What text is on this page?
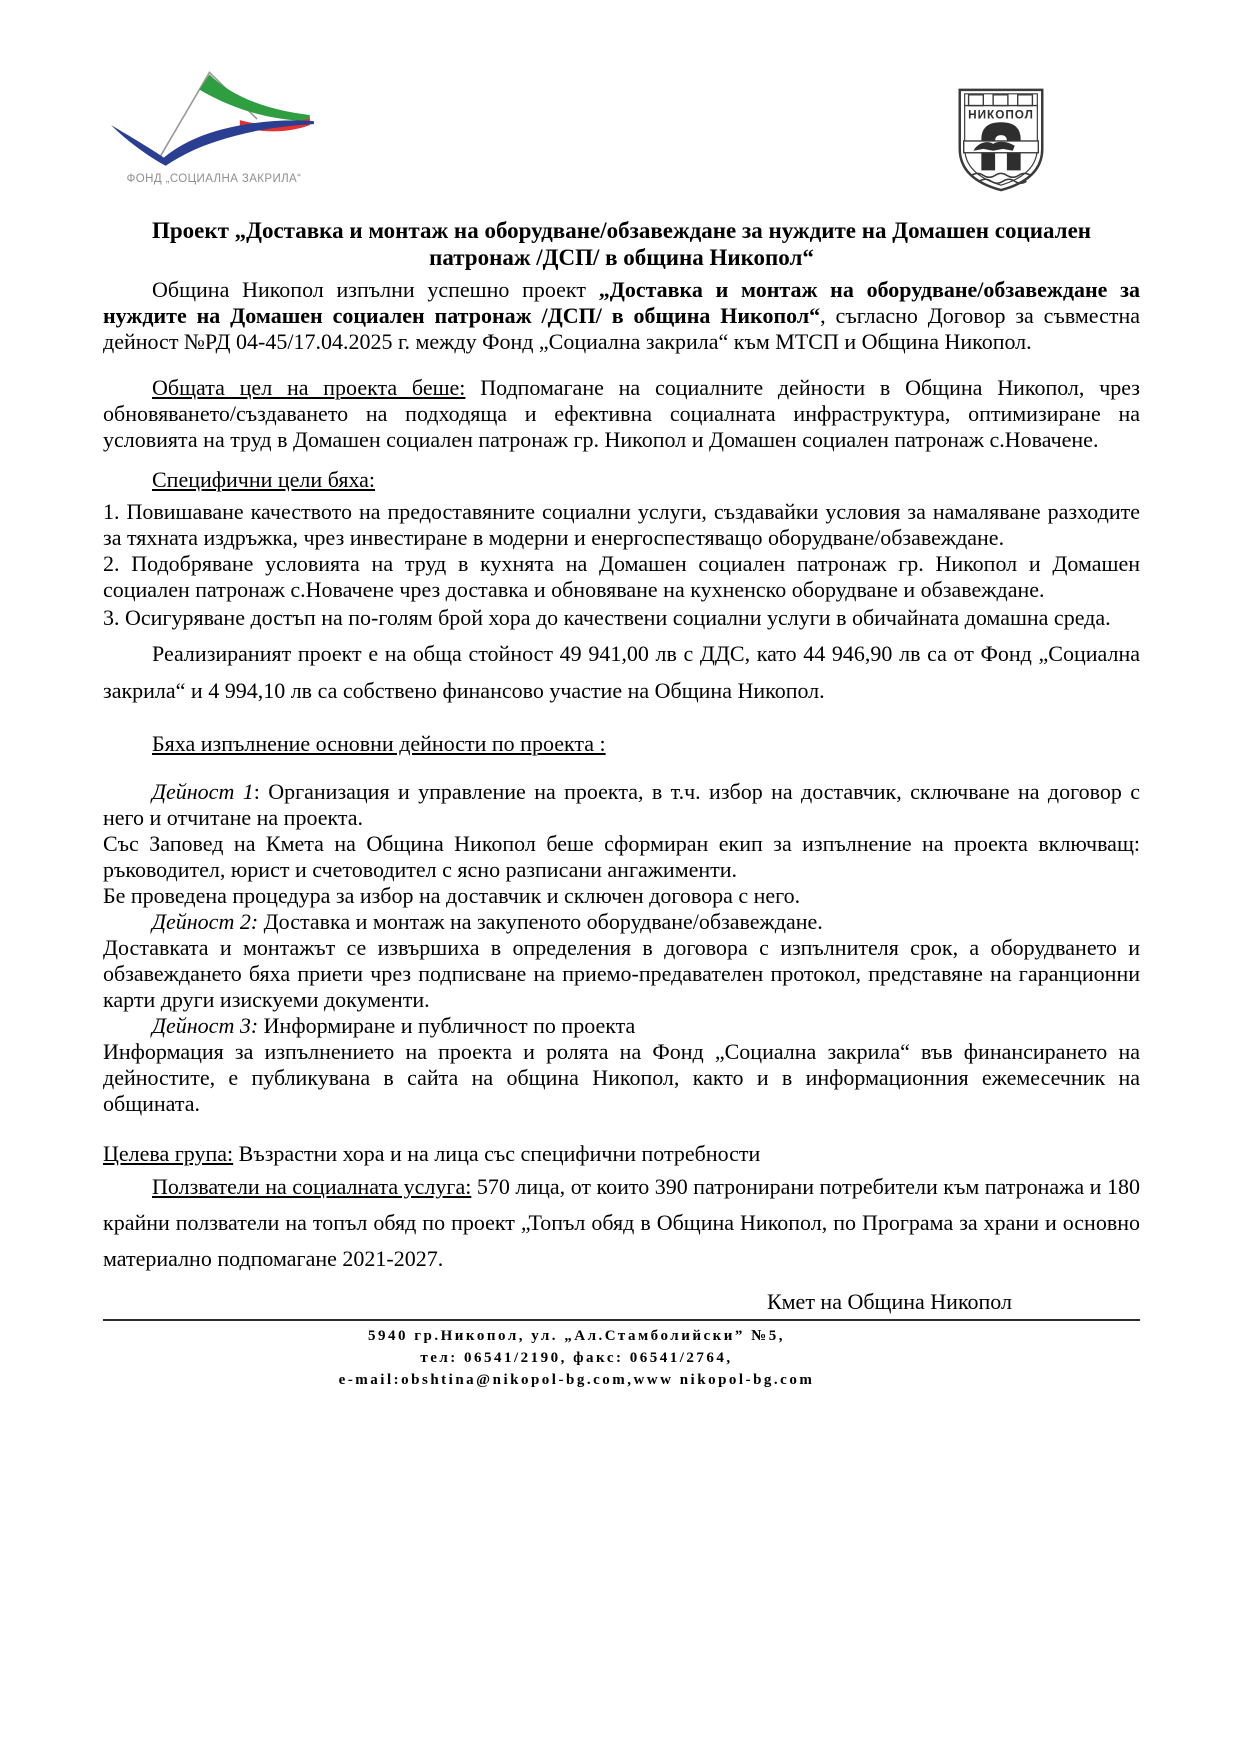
ФОНД „СОЦИАЛНА ЗАКРИЛА“
НИКОПОЛ
Проект „Доставка и монтаж на оборудване/обзавеждане за нуждите на Домашен социален
патронаж /ДСП/ в община Никопол“

Община Никопол изпълни успешно проект „Доставка и монтаж на оборудване/обзавеждане за нуждите на Домашен социален патронаж /ДСП/ в община Никопол“, съгласно Договор за съвместна дейност №РД 04-45/17.04.2025 г. между Фонд „Социална закрила“ към МТСП и Община Никопол.

Общата цел на проекта беше: Подпомагане на социалните дейности в Община Никопол, чрез обновяването/създаването на подходяща и ефективна социалната инфраструктура, оптимизиране на условията на труд в Домашен социален патронаж гр. Никопол и Домашен социален патронаж с.Новачене.

Специфични цели бяха:

1. Повишаване качеството на предоставяните социални услуги, създавайки условия за намаляване разходите за тяхната издръжка, чрез инвестиране в модерни и енергоспестяващо оборудване/обзавеждане.

2. Подобряване условията на труд в кухнята на Домашен социален патронаж гр. Никопол и Домашен социален патронаж с.Новачене чрез доставка и обновяване на кухненско оборудване и обзавеждане.

3. Осигуряване достъп на по-голям брой хора до качествени социални услуги в обичайната домашна среда.

Реализираният проект е на обща стойност 49 941,00 лв с ДДС, като 44 946,90 лв са от Фонд „Социална закрила“ и 4 994,10 лв са собствено финансово участие на Община Никопол.

Бяха изпълнение основни дейности по проекта :

Дейност 1: Организация и управление на проекта, в т.ч. избор на доставчик, сключване на договор с него и отчитане на проекта.

Със Заповед на Кмета на Община Никопол беше сформиран екип за изпълнение на проекта включващ: ръководител, юрист и счетоводител с ясно разписани ангажименти.

Бе проведена процедура за избор на доставчик и сключен договора с него.

Дейност 2: Доставка и монтаж на закупеното оборудване/обзавеждане.

Доставката и монтажът се извършиха в определения в договора с изпълнителя срок, а оборудването и обзавеждането бяха приети чрез подписване на приемо-предавателен протокол, представяне на гаранционни карти други изискуеми документи.

Дейност 3: Информиране и публичност по проекта

Информация за изпълнението на проекта и ролята на Фонд „Социална закрила“ във финансирането на дейностите, е публикувана в сайта на община Никопол, както и в информационния ежемесечник на общината.

Целева група: Възрастни хора и на лица със специфични потребности

Ползватели на социалната услуга: 570 лица, от които 390 патронирани потребители към патронажа и 180 крайни ползватели на топъл обяд по проект „Топъл обяд в Община Никопол, по Програма за храни и основно материално подпомагане 2021-2027.

Кмет на Община Никопол
5940 гр.Никопол, ул. „Ал.Стамболийски” №5,
тел: 06541/2190, факс: 06541/2764,
e-mail:obshtina@nikopol-bg.com,www nikopol-bg.com
